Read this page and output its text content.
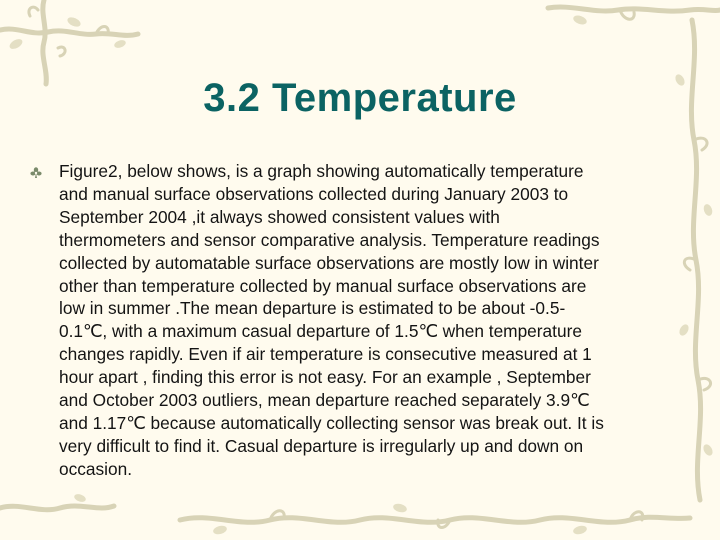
3.2 Temperature

Figure2, below shows, is a graph showing automatically temperature
and manual surface observations collected during January 2003 to
September 2004 ,it always showed consistent values with
thermometers and sensor comparative analysis. Temperature readings
collected by automatable surface observations are mostly low in winter
other than temperature collected by manual surface observations are
low in summer .The mean departure is estimated to be about -0.5-
0.1℃, with a maximum casual departure of 1.5℃ when temperature
changes rapidly. Even if air temperature is consecutive measured at 1
hour apart , finding this error is not easy. For an example , September
and October 2003 outliers, mean departure reached separately 3.9℃
and 1.17℃ because automatically collecting sensor was break out. It is
very difficult to find it. Casual departure is irregularly up and down on
occasion.
